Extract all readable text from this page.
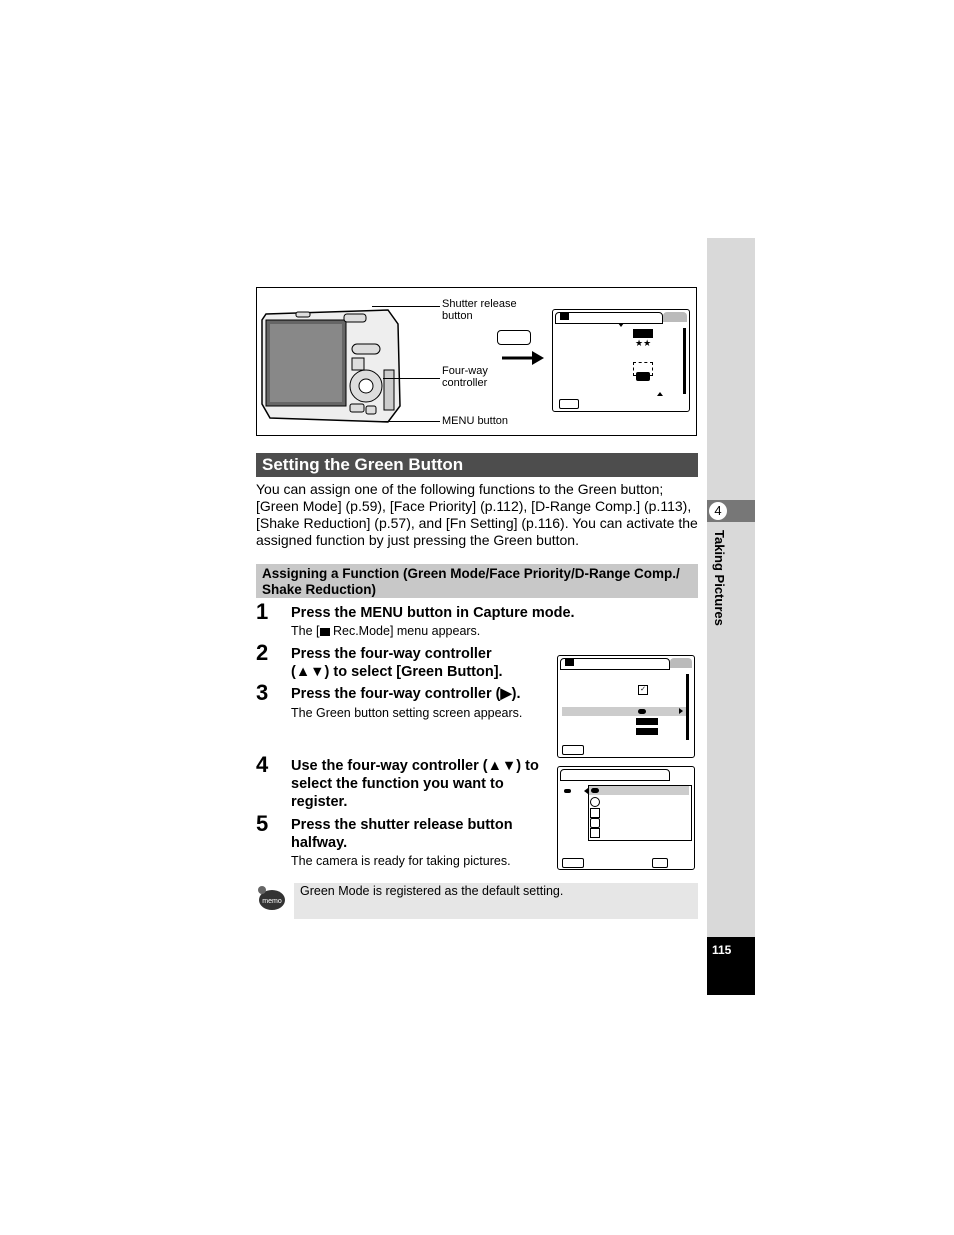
4
Taking Pictures
115
Shutter release
button
Four-way
controller
MENU button
★★
Setting the Green Button
You can assign one of the following functions to the Green button; [Green Mode] (p.59), [Face Priority] (p.112), [D-Range Comp.] (p.113), [Shake Reduction] (p.57), and [Fn Setting] (p.116). You can activate the assigned function by just pressing the Green button.
Assigning a Function (Green Mode/Face Priority/D-Range Comp./ Shake Reduction)
1 Press the MENU button in Capture mode.
The [ Rec.Mode] menu appears.
2 Press the four-way controller (▲▼) to select [Green Button].
3 Press the four-way controller (▶).
The Green button setting screen appears.
✓
4 Use the four-way controller (▲▼) to select the function you want to register.
5 Press the shutter release button halfway.
The camera is ready for taking pictures.
memo
Green Mode is registered as the default setting.
